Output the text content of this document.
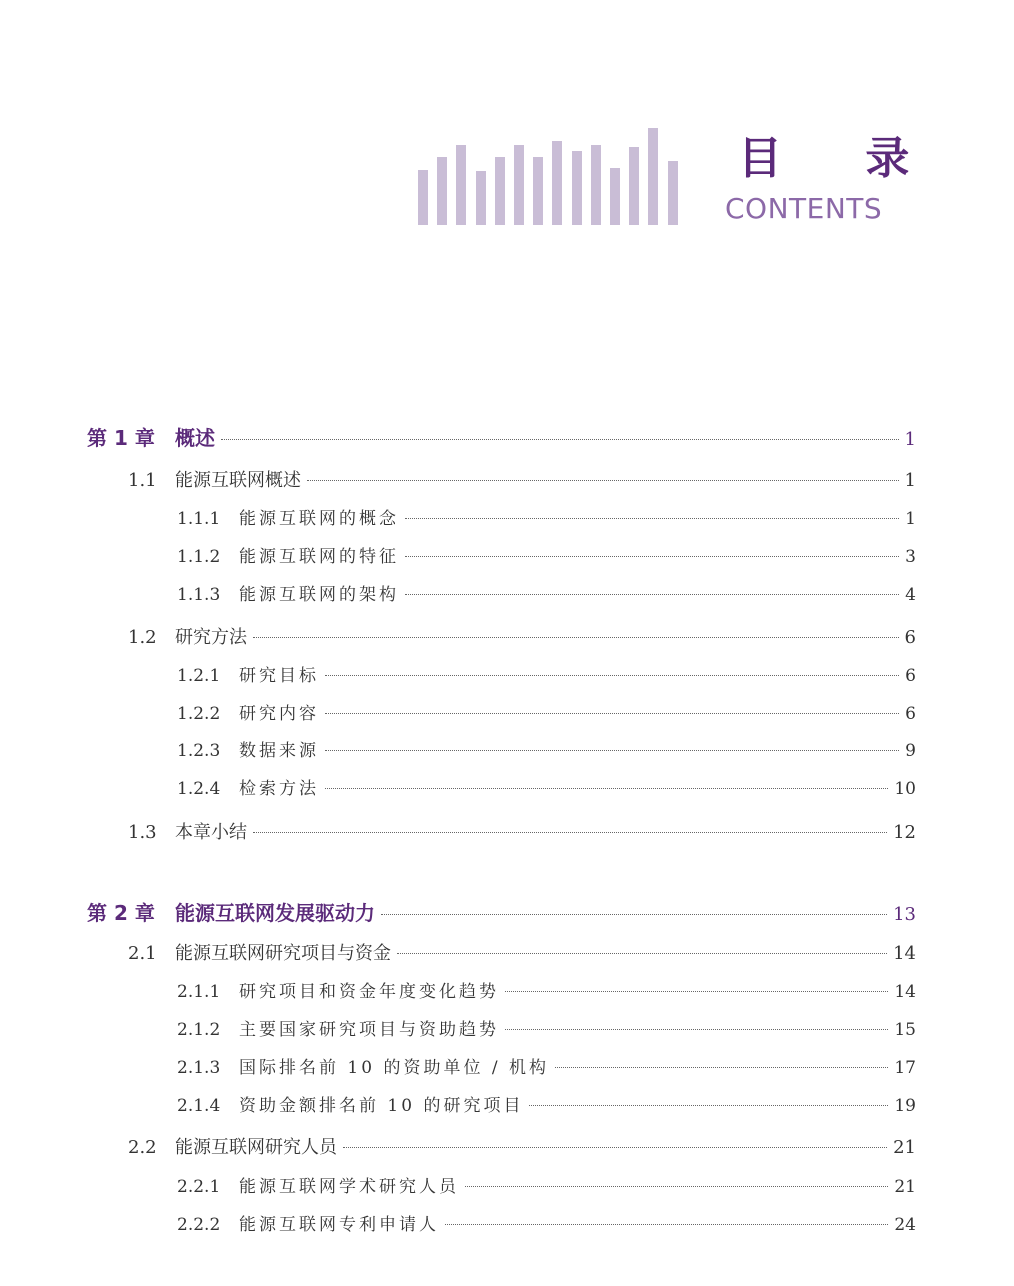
目 录
CONTENTS
第 1 章	概述	1
1.1	能源互联网概述	1
1.1.1	能源互联网的概念	1
1.1.2	能源互联网的特征	3
1.1.3	能源互联网的架构	4
1.2	研究方法	6
1.2.1	研究目标	6
1.2.2	研究内容	6
1.2.3	数据来源	9
1.2.4	检索方法	10
1.3	本章小结	12
第 2 章	能源互联网发展驱动力	13
2.1	能源互联网研究项目与资金	14
2.1.1	研究项目和资金年度变化趋势	14
2.1.2	主要国家研究项目与资助趋势	15
2.1.3	国际排名前 10 的资助单位 / 机构	17
2.1.4	资助金额排名前 10 的研究项目	19
2.2	能源互联网研究人员	21
2.2.1	能源互联网学术研究人员	21
2.2.2	能源互联网专利申请人	24
